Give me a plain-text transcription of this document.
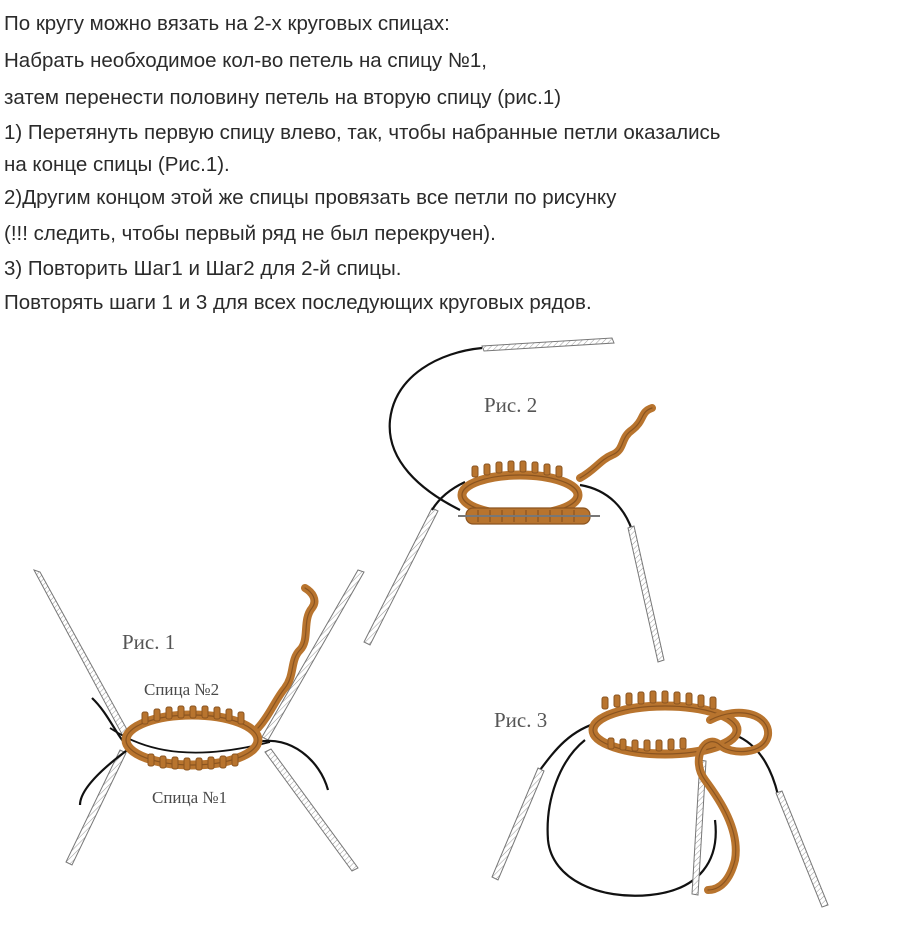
По кругу можно вязать на 2-х круговых спицах:
Набрать необходимое кол-во петель на спицу №1,
затем перенести половину петель на вторую спицу (рис.1)
1) Перетянуть первую спицу влево, так, чтобы набранные петли оказались
на конце спицы (Рис.1).
2)Другим концом этой же спицы провязать все петли по рисунку
(!!! следить, чтобы первый ряд не был перекручен).
3) Повторить Шаг1 и Шаг2 для 2-й спицы.
Повторять шаги 1 и 3 для всех последующих круговых рядов.
Рис. 1
Спица №2
Спица №1
Рис. 2
Рис. 3
